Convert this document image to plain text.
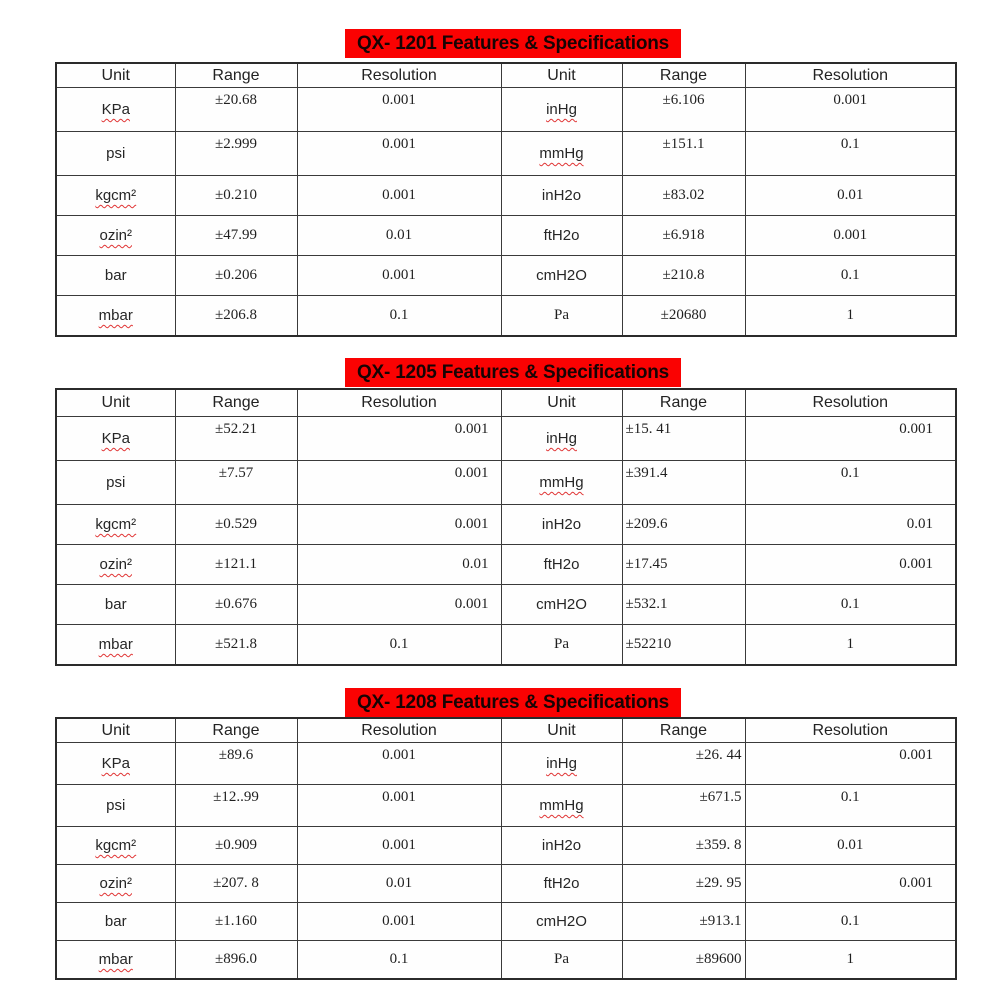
QX- 1201 Features & Specifications
Unit	Range	Resolution	Unit	Range	Resolution
KPa	±20.68	0.001	inHg	±6.106	0.001
psi	±2.999	0.001	mmHg	±151.1	0.1
kgcm²	±0.210	0.001	inH2o	±83.02	0.01
ozin²	±47.99	0.01	ftH2o	±6.918	0.001
bar	±0.206	0.001	cmH2O	±210.8	0.1
mbar	±206.8	0.1	Pa	±20680	1
QX- 1205 Features & Specifications
Unit	Range	Resolution	Unit	Range	Resolution
KPa	±52.21	0.001	inHg	±15. 41	0.001
psi	±7.57	0.001	mmHg	±391.4	0.1
kgcm²	±0.529	0.001	inH2o	±209.6	0.01
ozin²	±121.1	0.01	ftH2o	±17.45	0.001
bar	±0.676	0.001	cmH2O	±532.1	0.1
mbar	±521.8	0.1	Pa	±52210	1
QX- 1208 Features & Specifications
Unit	Range	Resolution	Unit	Range	Resolution
KPa	±89.6	0.001	inHg	±26. 44	0.001
psi	±12..99	0.001	mmHg	±671.5	0.1
kgcm²	±0.909	0.001	inH2o	±359. 8	0.01
ozin²	±207. 8	0.01	ftH2o	±29. 95	0.001
bar	±1.160	0.001	cmH2O	±913.1	0.1
mbar	±896.0	0.1	Pa	±89600	1
